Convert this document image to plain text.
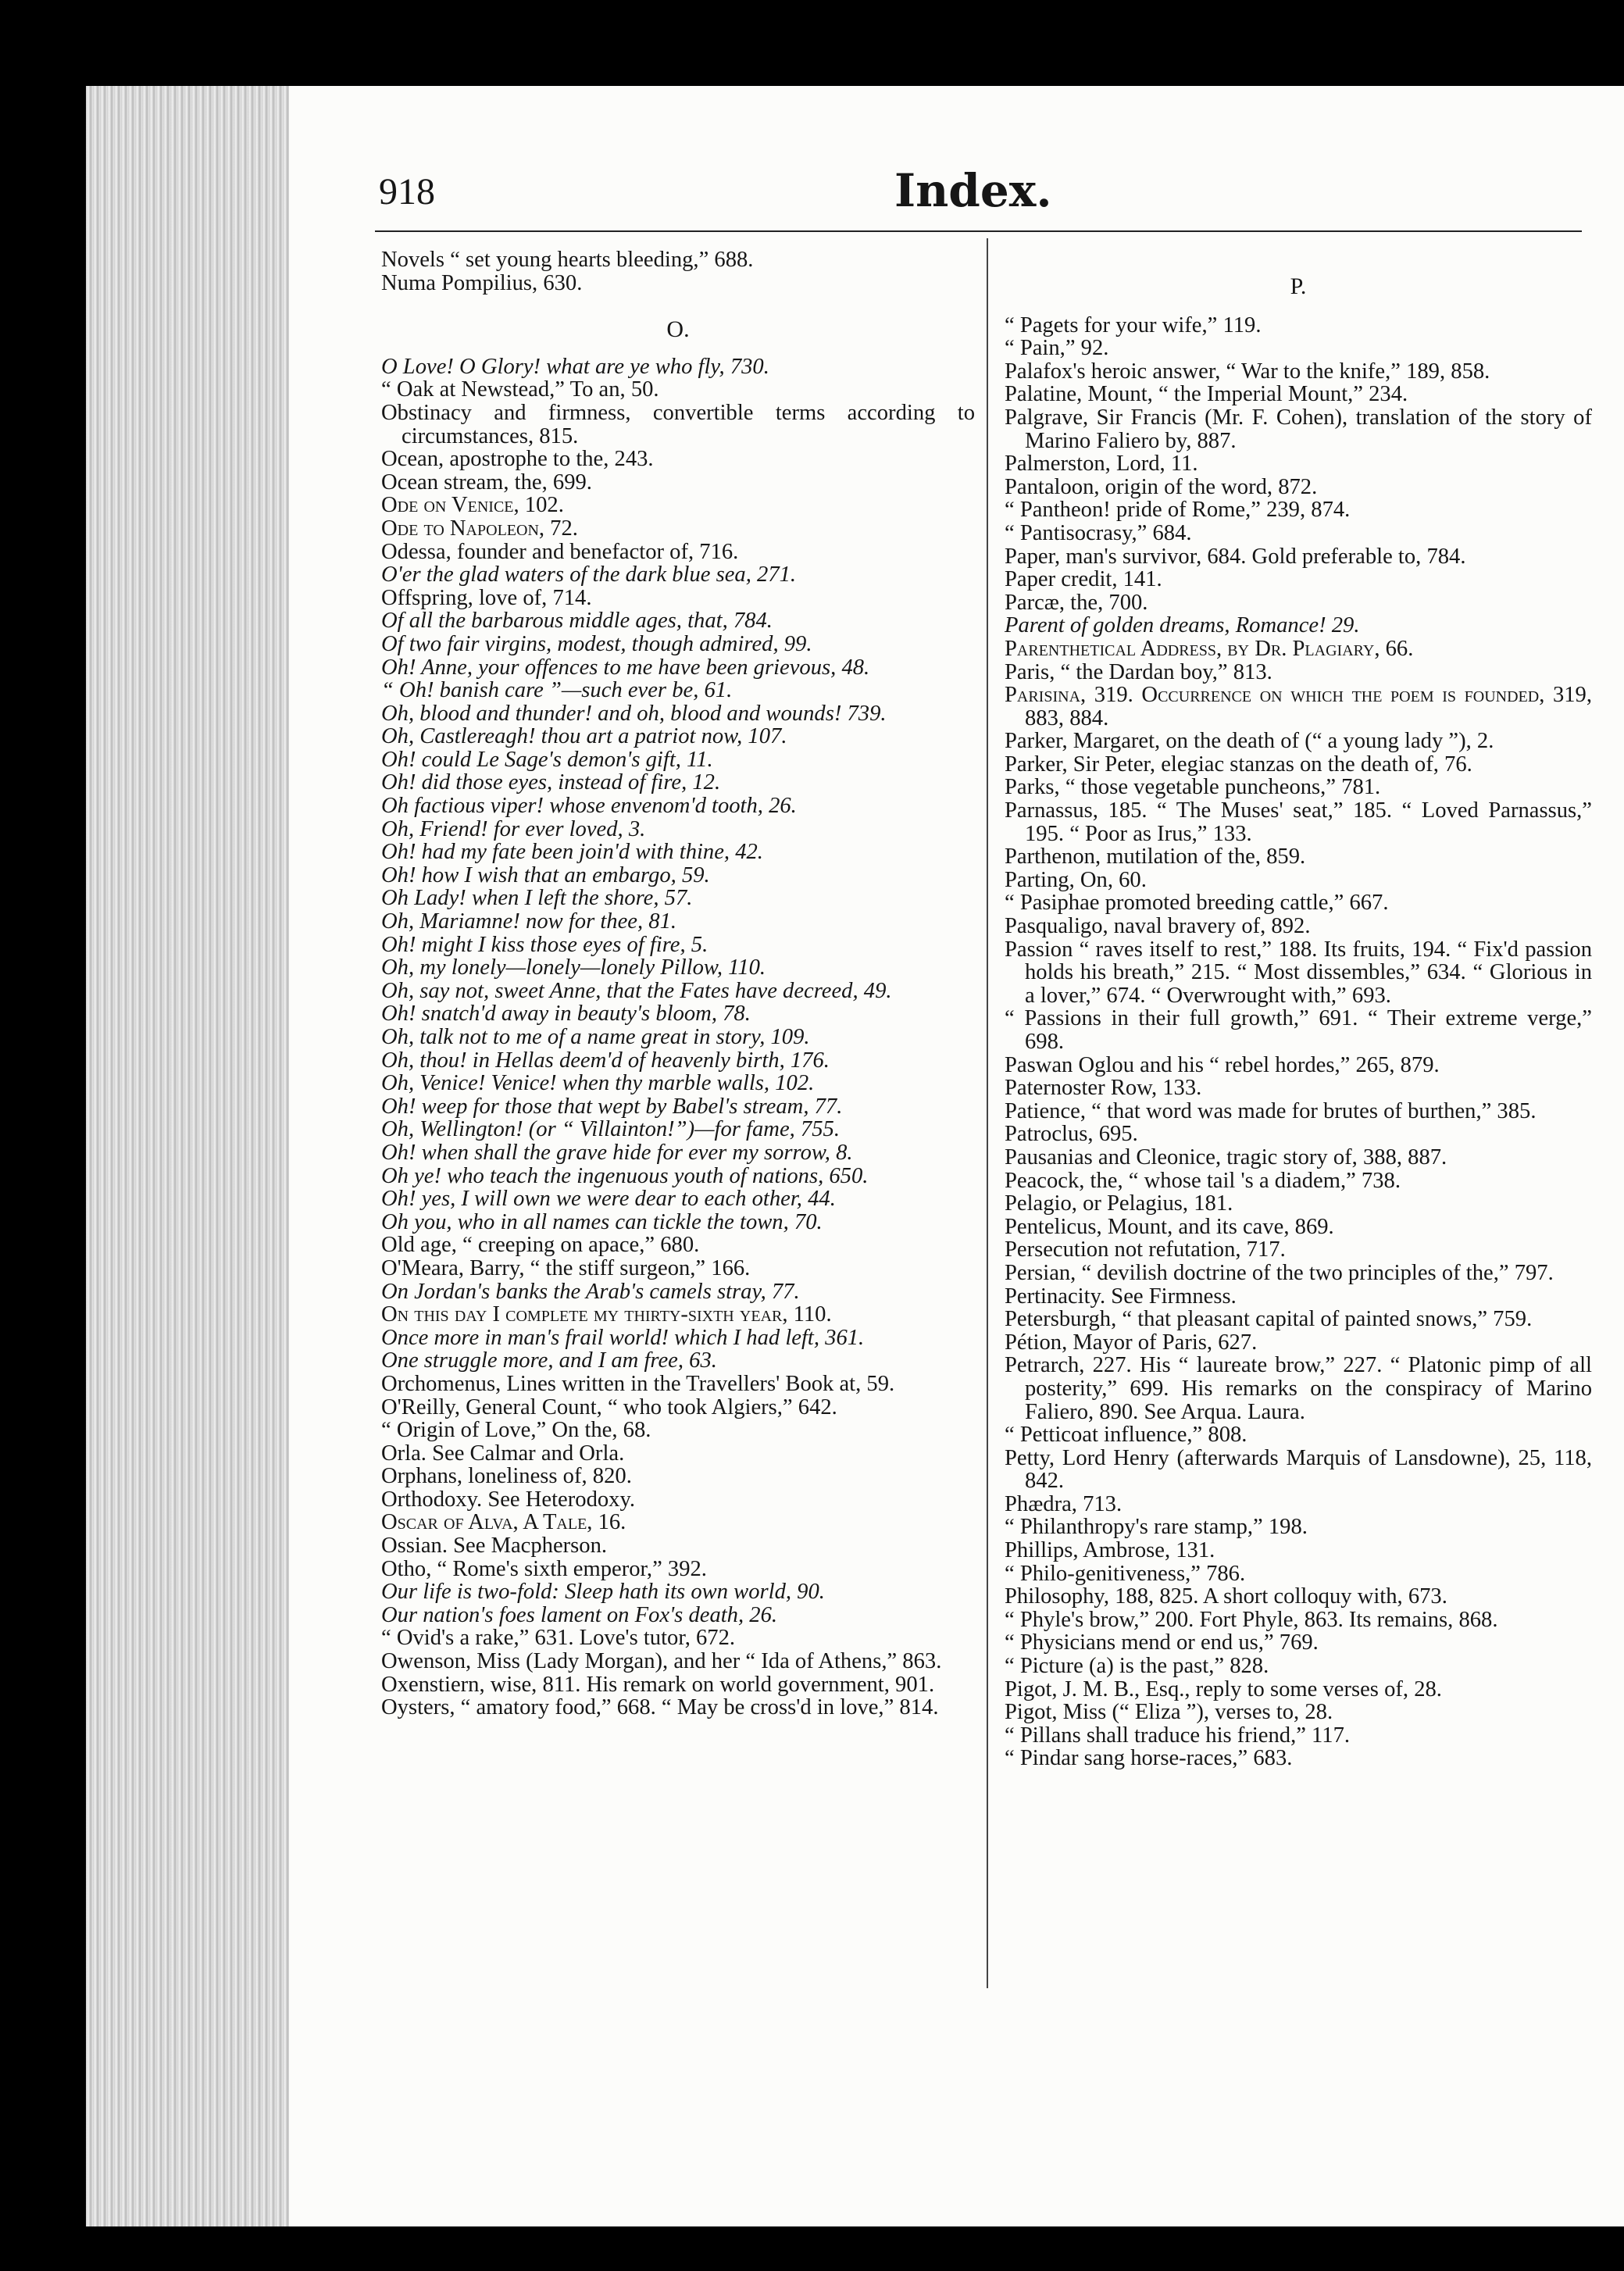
918	Index.
Novels “ set young hearts bleeding,” 688.
Numa Pompilius, 630.
O.
O Love! O Glory! what are ye who fly, 730.
“ Oak at Newstead,” To an, 50.
Obstinacy and firmness, convertible terms according to circumstances, 815.
Ocean, apostrophe to the, 243.
Ocean stream, the, 699.
Ode on Venice, 102.
Ode to Napoleon, 72.
Odessa, founder and benefactor of, 716.
O'er the glad waters of the dark blue sea, 271.
Offspring, love of, 714.
Of all the barbarous middle ages, that, 784.
Of two fair virgins, modest, though admired, 99.
Oh! Anne, your offences to me have been grievous, 48.
“ Oh! banish care ”—such ever be, 61.
Oh, blood and thunder! and oh, blood and wounds! 739.
Oh, Castlereagh! thou art a patriot now, 107.
Oh! could Le Sage's demon's gift, 11.
Oh! did those eyes, instead of fire, 12.
Oh factious viper! whose envenom'd tooth, 26.
Oh, Friend! for ever loved, 3.
Oh! had my fate been join'd with thine, 42.
Oh! how I wish that an embargo, 59.
Oh Lady! when I left the shore, 57.
Oh, Mariamne! now for thee, 81.
Oh! might I kiss those eyes of fire, 5.
Oh, my lonely—lonely—lonely Pillow, 110.
Oh, say not, sweet Anne, that the Fates have decreed, 49.
Oh! snatch'd away in beauty's bloom, 78.
Oh, talk not to me of a name great in story, 109.
Oh, thou! in Hellas deem'd of heavenly birth, 176.
Oh, Venice! Venice! when thy marble walls, 102.
Oh! weep for those that wept by Babel's stream, 77.
Oh, Wellington! (or “ Villainton!”)—for fame, 755.
Oh! when shall the grave hide for ever my sorrow, 8.
Oh ye! who teach the ingenuous youth of nations, 650.
Oh! yes, I will own we were dear to each other, 44.
Oh you, who in all names can tickle the town, 70.
Old age, “ creeping on apace,” 680.
O'Meara, Barry, “ the stiff surgeon,” 166.
On Jordan's banks the Arab's camels stray, 77.
On this day I complete my thirty-sixth year, 110.
Once more in man's frail world! which I had left, 361.
One struggle more, and I am free, 63.
Orchomenus, Lines written in the Travellers' Book at, 59.
O'Reilly, General Count, “ who took Algiers,” 642.
“ Origin of Love,” On the, 68.
Orla. See Calmar and Orla.
Orphans, loneliness of, 820.
Orthodoxy. See Heterodoxy.
Oscar of Alva, A Tale, 16.
Ossian. See Macpherson.
Otho, “ Rome's sixth emperor,” 392.
Our life is two-fold: Sleep hath its own world, 90.
Our nation's foes lament on Fox's death, 26.
“ Ovid's a rake,” 631. Love's tutor, 672.
Owenson, Miss (Lady Morgan), and her “ Ida of Athens,” 863.
Oxenstiern, wise, 811. His remark on world government, 901.
Oysters, “ amatory food,” 668. “ May be cross'd in love,” 814.
P.
“ Pagets for your wife,” 119.
“ Pain,” 92.
Palafox's heroic answer, “ War to the knife,” 189, 858.
Palatine, Mount, “ the Imperial Mount,” 234.
Palgrave, Sir Francis (Mr. F. Cohen), translation of the story of Marino Faliero by, 887.
Palmerston, Lord, 11.
Pantaloon, origin of the word, 872.
“ Pantheon! pride of Rome,” 239, 874.
“ Pantisocrasy,” 684.
Paper, man's survivor, 684. Gold preferable to, 784.
Paper credit, 141.
Parcæ, the, 700.
Parent of golden dreams, Romance! 29.
Parenthetical Address, by Dr. Plagiary, 66.
Paris, “ the Dardan boy,” 813.
Parisina, 319. Occurrence on which the poem is founded, 319, 883, 884.
Parker, Margaret, on the death of (“ a young lady ”), 2.
Parker, Sir Peter, elegiac stanzas on the death of, 76.
Parks, “ those vegetable puncheons,” 781.
Parnassus, 185. “ The Muses' seat,” 185. “ Loved Parnassus,” 195. “ Poor as Irus,” 133.
Parthenon, mutilation of the, 859.
Parting, On, 60.
“ Pasiphae promoted breeding cattle,” 667.
Pasqualigo, naval bravery of, 892.
Passion “ raves itself to rest,” 188. Its fruits, 194. “ Fix'd passion holds his breath,” 215. “ Most dissembles,” 634. “ Glorious in a lover,” 674. “ Overwrought with,” 693.
“ Passions in their full growth,” 691. “ Their extreme verge,” 698.
Paswan Oglou and his “ rebel hordes,” 265, 879.
Paternoster Row, 133.
Patience, “ that word was made for brutes of burthen,” 385.
Patroclus, 695.
Pausanias and Cleonice, tragic story of, 388, 887.
Peacock, the, “ whose tail 's a diadem,” 738.
Pelagio, or Pelagius, 181.
Pentelicus, Mount, and its cave, 869.
Persecution not refutation, 717.
Persian, “ devilish doctrine of the two principles of the,” 797.
Pertinacity. See Firmness.
Petersburgh, “ that pleasant capital of painted snows,” 759.
Pétion, Mayor of Paris, 627.
Petrarch, 227. His “ laureate brow,” 227. “ Platonic pimp of all posterity,” 699. His remarks on the conspiracy of Marino Faliero, 890. See Arqua. Laura.
“ Petticoat influence,” 808.
Petty, Lord Henry (afterwards Marquis of Lansdowne), 25, 118, 842.
Phædra, 713.
“ Philanthropy's rare stamp,” 198.
Phillips, Ambrose, 131.
“ Philo-genitiveness,” 786.
Philosophy, 188, 825. A short colloquy with, 673.
“ Phyle's brow,” 200. Fort Phyle, 863. Its remains, 868.
“ Physicians mend or end us,” 769.
“ Picture (a) is the past,” 828.
Pigot, J. M. B., Esq., reply to some verses of, 28.
Pigot, Miss (“ Eliza ”), verses to, 28.
“ Pillans shall traduce his friend,” 117.
“ Pindar sang horse-races,” 683.
